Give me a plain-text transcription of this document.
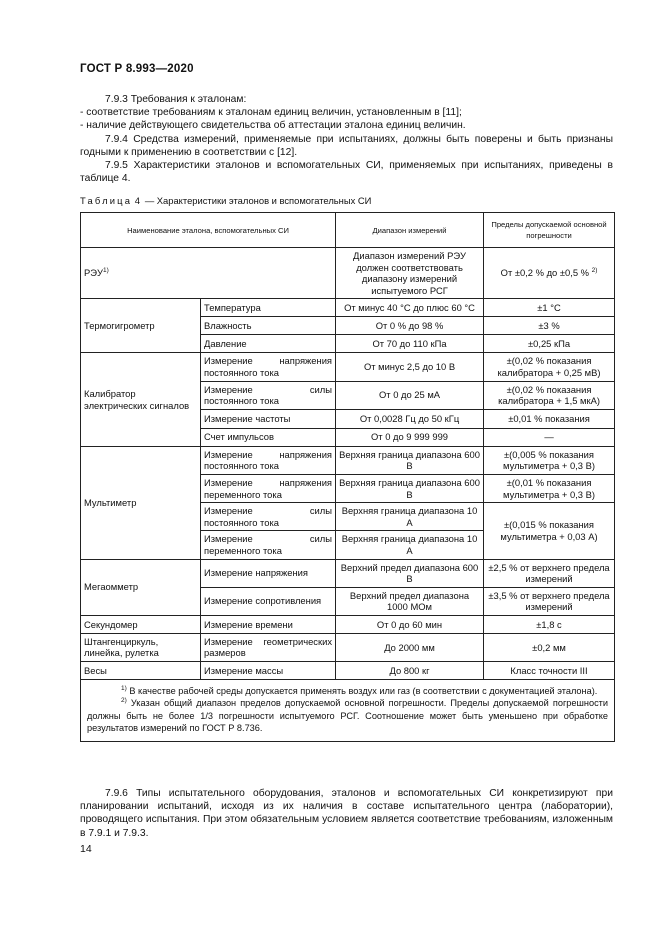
ГОСТ Р 8.993—2020

7.9.3 Требования к эталонам:

- соответствие требованиям к эталонам единиц величин, установленным в [11];

- наличие действующего свидетельства об аттестации эталона единиц величин.

7.9.4 Средства измерений, применяемые при испытаниях, должны быть поверены и быть признаны годными к применению в соответствии с [12].

7.9.5 Характеристики эталонов и вспомогательных СИ, применяемых при испытаниях, приведены в таблице 4.

Таблица 4 — Характеристики эталонов и вспомогательных СИ
Наименование эталона, вспомогательных СИ		Диапазон измерений	Пределы допускаемой основной погрешности
РЭУ$^{1)}$		Диапазон измерений РЭУ должен соответствовать диапазону измерений испытуемого РСГ	От ±0,2 % до ±0,5 % $^{2)}$
Термогигрометр	Температура	От минус 40 °C до плюс 60 °C	±1 °C
	Влажность	От 0 % до 98 %	±3 %
	Давление	От 70 до 110 кПа	±0,25 кПа
Калибратор электрических сигналов	Измерение напряжения постоянного тока	От минус 2,5 до 10 В	±(0,02 % показания калибратора + 0,25 мВ)
	Измерение силы постоянного тока	От 0 до 25 мА	±(0,02 % показания калибратора + 1,5 мкА)
	Измерение частоты	От 0,0028 Гц до 50 кГц	±0,01 % показания
	Счет импульсов	От 0 до 9 999 999	—
Мультиметр	Измерение напряжения постоянного тока	Верхняя граница диапазона 600 В	±(0,005 % показания мультиметра + 0,3 В)
	Измерение напряжения переменного тока	Верхняя граница диапазона 600 В	±(0,01 % показания мультиметра + 0,3 В)
	Измерение силы постоянного тока	Верхняя граница диапазона 10 А	±(0,015 % показания мультиметра + 0,03 А)
	Измерение силы переменного тока	Верхняя граница диапазона 10 А	
Мегаомметр	Измерение напряжения	Верхний предел диапазона 600 В	±2,5 % от верхнего предела измерений
	Измерение сопротивления	Верхний предел диапазона 1000 МОм	±3,5 % от верхнего предела измерений
Секундомер	Измерение времени	От 0 до 60 мин	±1,8 с
Штангенциркуль, линейка, рулетка	Измерение геометрических размеров	До 2000 мм	±0,2 мм
Весы	Измерение массы	До 800 кг	Класс точности III

$^{1)}$ В качестве рабочей среды допускается применять воздух или газ (в соответствии с документацией эталона).

$^{2)}$ Указан общий диапазон пределов допускаемой основной погрешности. Пределы допускаемой погрешности должны быть не более 1/3 погрешности испытуемого РСГ. Соотношение может быть уменьшено при обработке результатов измерений по ГОСТ Р 8.736.			

7.9.6 Типы испытательного оборудования, эталонов и вспомогательных СИ конкретизируют при планировании испытаний, исходя из их наличия в составе испытательного центра (лаборатории), проводящего испытания. При этом обязательным условием является соответствие требованиям, изложенным в 7.9.1 и 7.9.3.

14
